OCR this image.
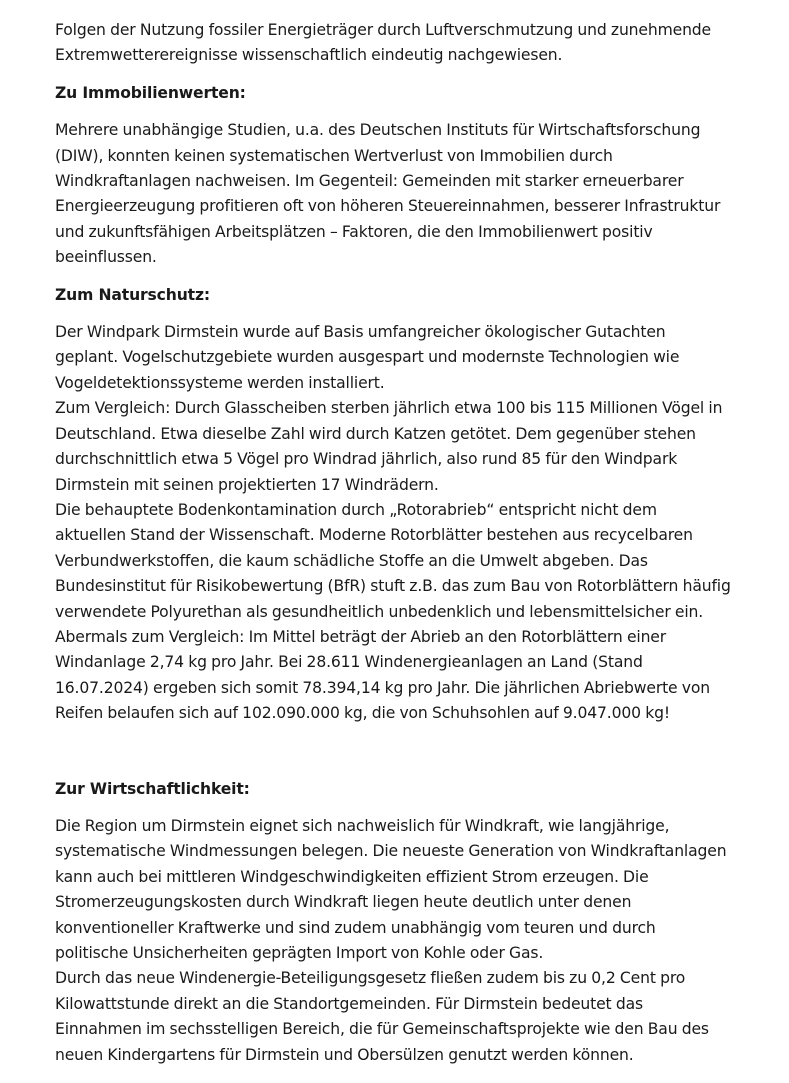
Folgen der Nutzung fossiler Energieträger durch Luftverschmutzung und zunehmende
Extremwetterereignisse wissenschaftlich eindeutig nachgewiesen.

Zu Immobilienwerten:

Mehrere unabhängige Studien, u.a. des Deutschen Instituts für Wirtschaftsforschung
(DIW), konnten keinen systematischen Wertverlust von Immobilien durch
Windkraftanlagen nachweisen. Im Gegenteil: Gemeinden mit starker erneuerbarer
Energieerzeugung profitieren oft von höheren Steuereinnahmen, besserer Infrastruktur
und zukunftsfähigen Arbeitsplätzen – Faktoren, die den Immobilienwert positiv
beeinflussen.

Zum Naturschutz:

Der Windpark Dirmstein wurde auf Basis umfangreicher ökologischer Gutachten
geplant. Vogelschutzgebiete wurden ausgespart und modernste Technologien wie
Vogeldetektionssysteme werden installiert.
Zum Vergleich: Durch Glasscheiben sterben jährlich etwa 100 bis 115 Millionen Vögel in
Deutschland. Etwa dieselbe Zahl wird durch Katzen getötet. Dem gegenüber stehen
durchschnittlich etwa 5 Vögel pro Windrad jährlich, also rund 85 für den Windpark
Dirmstein mit seinen projektierten 17 Windrädern.
Die behauptete Bodenkontamination durch „Rotorabrieb“ entspricht nicht dem
aktuellen Stand der Wissenschaft. Moderne Rotorblätter bestehen aus recycelbaren
Verbundwerkstoffen, die kaum schädliche Stoffe an die Umwelt abgeben. Das
Bundesinstitut für Risikobewertung (BfR) stuft z.B. das zum Bau von Rotorblättern häufig
verwendete Polyurethan als gesundheitlich unbedenklich und lebensmittelsicher ein.
Abermals zum Vergleich: Im Mittel beträgt der Abrieb an den Rotorblättern einer
Windanlage 2,74 kg pro Jahr. Bei 28.611 Windenergieanlagen an Land (Stand
16.07.2024) ergeben sich somit 78.394,14 kg pro Jahr. Die jährlichen Abriebwerte von
Reifen belaufen sich auf 102.090.000 kg, die von Schuhsohlen auf 9.047.000 kg!

Zur Wirtschaftlichkeit:

Die Region um Dirmstein eignet sich nachweislich für Windkraft, wie langjährige,
systematische Windmessungen belegen. Die neueste Generation von Windkraftanlagen
kann auch bei mittleren Windgeschwindigkeiten effizient Strom erzeugen. Die
Stromerzeugungskosten durch Windkraft liegen heute deutlich unter denen
konventioneller Kraftwerke und sind zudem unabhängig vom teuren und durch
politische Unsicherheiten geprägten Import von Kohle oder Gas.
Durch das neue Windenergie-Beteiligungsgesetz fließen zudem bis zu 0,2 Cent pro
Kilowattstunde direkt an die Standortgemeinden. Für Dirmstein bedeutet das
Einnahmen im sechsstelligen Bereich, die für Gemeinschaftsprojekte wie den Bau des
neuen Kindergartens für Dirmstein und Obersülzen genutzt werden können.
